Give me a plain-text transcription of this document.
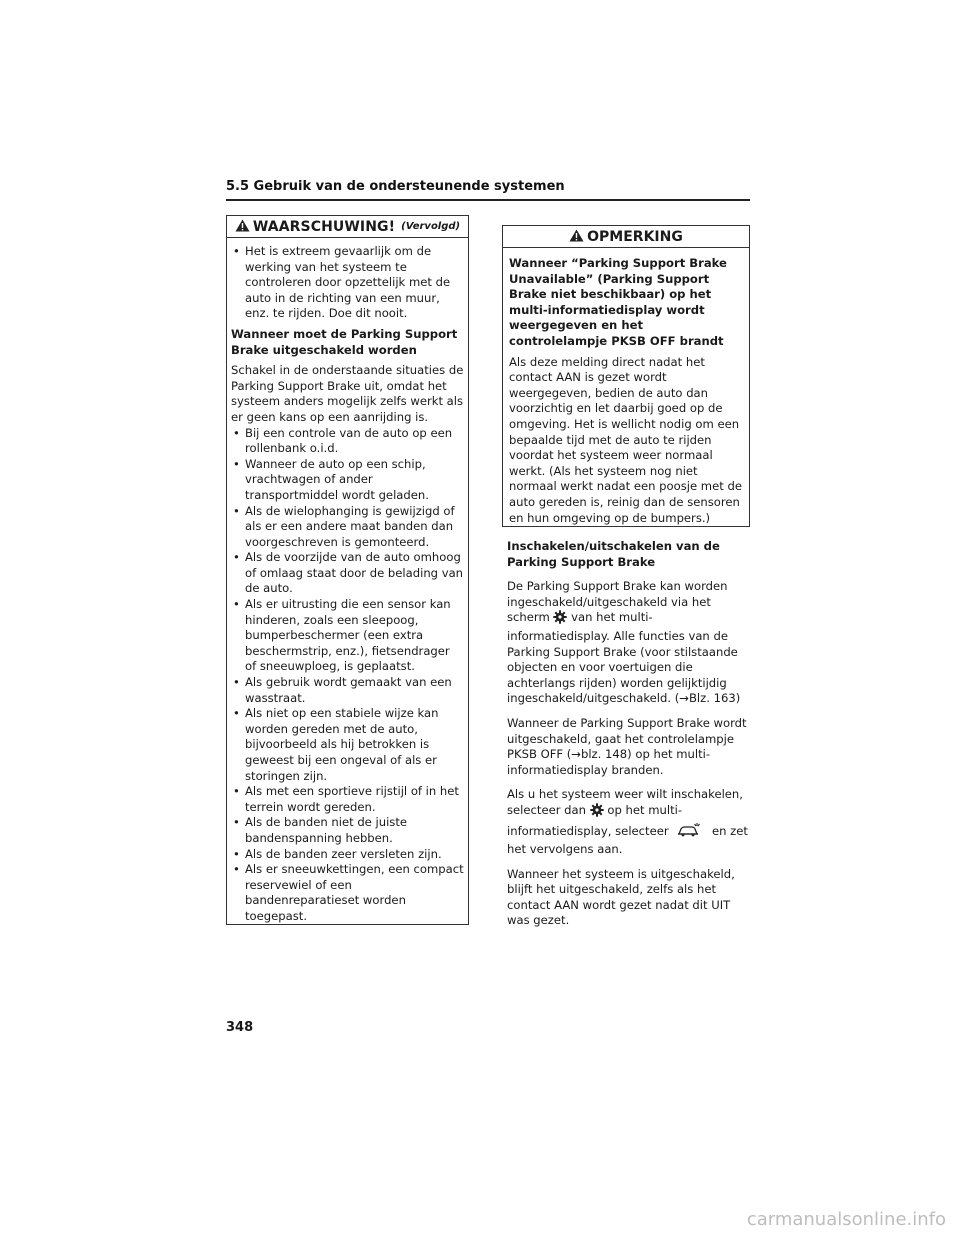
5.5 Gebruik van de ondersteunende systemen
WAARSCHUWING! (Vervolgd)
• Het is extreem gevaarlijk om de werking van het systeem te controleren door opzettelijk met de auto in de richting van een muur, enz. te rijden. Doe dit nooit.

Wanneer moet de Parking Support Brake uitgeschakeld worden

Schakel in de onderstaande situaties de Parking Support Brake uit, omdat het systeem anders mogelijk zelfs werkt als er geen kans op een aanrijding is.

• Bij een controle van de auto op een rollenbank o.i.d.
• Wanneer de auto op een schip, vrachtwagen of ander transportmiddel wordt geladen.
• Als de wielophanging is gewijzigd of als er een andere maat banden dan voorgeschreven is gemonteerd.
• Als de voorzijde van de auto omhoog of omlaag staat door de belading van de auto.
• Als er uitrusting die een sensor kan hinderen, zoals een sleepoog, bumperbeschermer (een extra beschermstrip, enz.), fietsendrager of sneeuwploeg, is geplaatst.
• Als gebruik wordt gemaakt van een wasstraat.
• Als niet op een stabiele wijze kan worden gereden met de auto, bijvoorbeeld als hij betrokken is geweest bij een ongeval of als er storingen zijn.
• Als met een sportieve rijstijl of in het terrein wordt gereden.
• Als de banden niet de juiste bandenspanning hebben.
• Als de banden zeer versleten zijn.
• Als er sneeuwkettingen, een compact reservewiel of een bandenreparatieset worden toegepast.
OPMERKING

Wanneer “Parking Support Brake Unavailable” (Parking Support Brake niet beschikbaar) op het multi-informatiedisplay wordt weergegeven en het controlelampje PKSB OFF brandt

Als deze melding direct nadat het contact AAN is gezet wordt weergegeven, bedien de auto dan voorzichtig en let daarbij goed op de omgeving. Het is wellicht nodig om een bepaalde tijd met de auto te rijden voordat het systeem weer normaal werkt. (Als het systeem nog niet normaal werkt nadat een poosje met de auto gereden is, reinig dan de sensoren en hun omgeving op de bumpers.)

Inschakelen/uitschakelen van de Parking Support Brake

De Parking Support Brake kan worden ingeschakeld/uitgeschakeld via het scherm van het multi-informatiedisplay. Alle functies van de Parking Support Brake (voor stilstaande objecten en voor voertuigen die achterlangs rijden) worden gelijktijdig ingeschakeld/uitgeschakeld. (→Blz. 163)

Wanneer de Parking Support Brake wordt uitgeschakeld, gaat het controlelampje PKSB OFF (→blz. 148) op het multi-informatiedisplay branden.

Als u het systeem weer wilt inschakelen, selecteer dan op het multi-informatiedisplay, selecteer	en zet het vervolgens aan.

Wanneer het systeem is uitgeschakeld, blijft het uitgeschakeld, zelfs als het contact AAN wordt gezet nadat dit UIT was gezet.

348
carmanualsonline.info
